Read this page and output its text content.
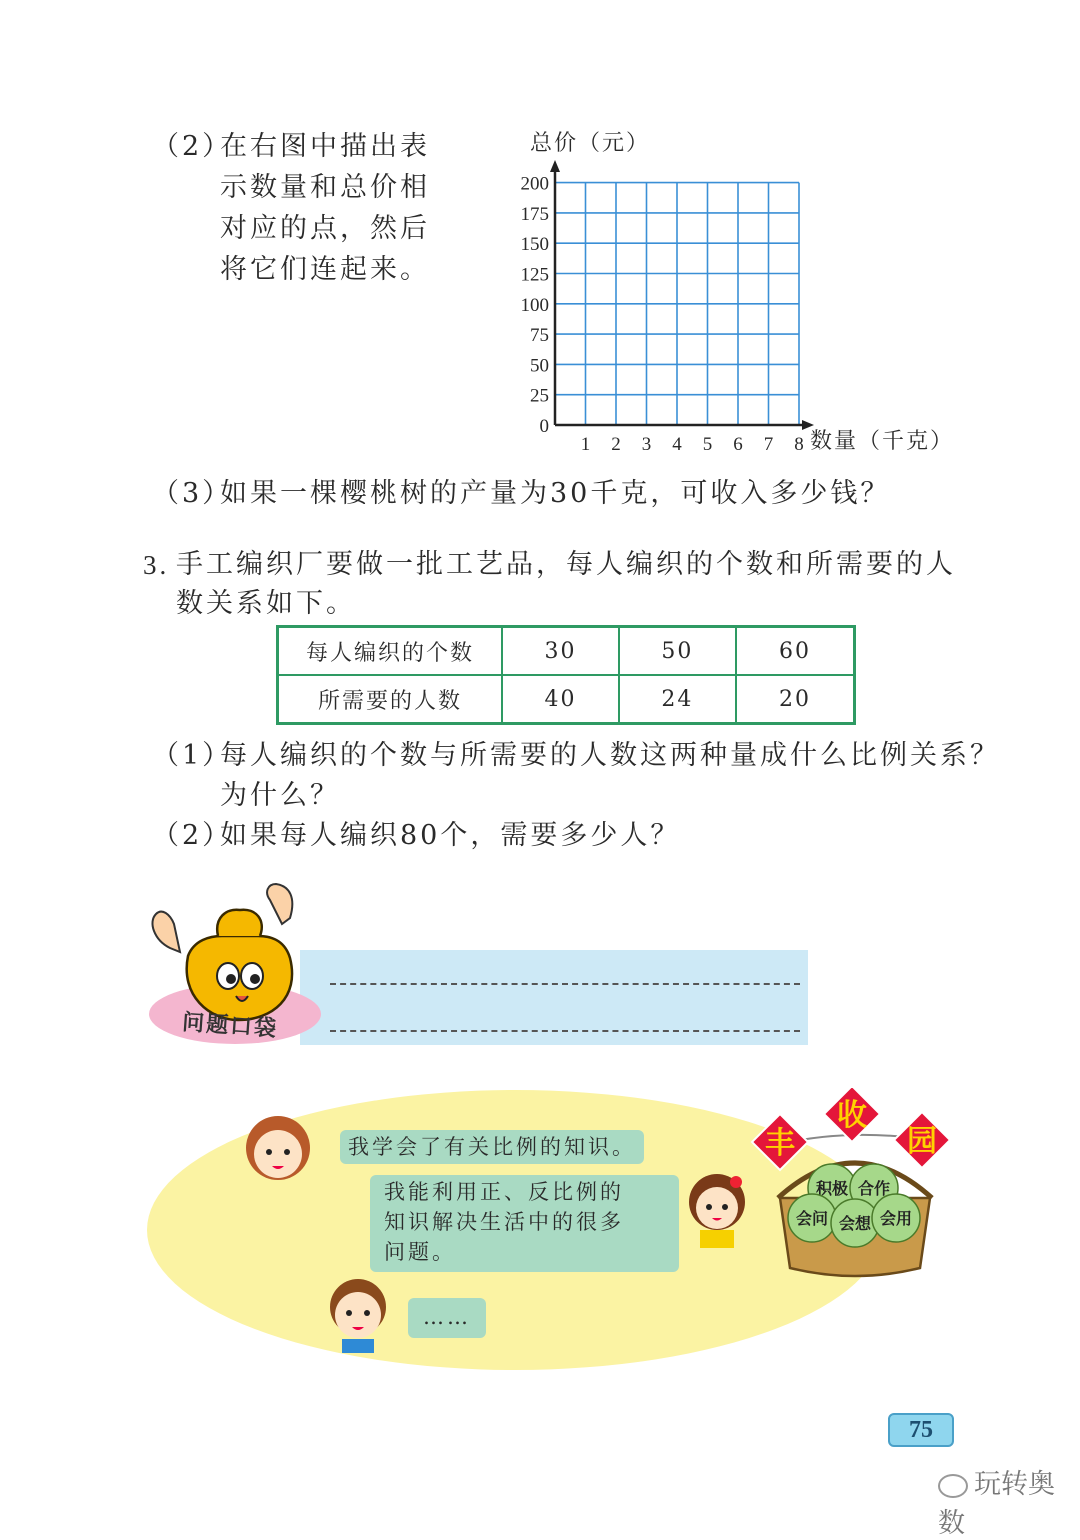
（2）
在右图中描出表
示数量和总价相
对应的点，然后
将它们连起来。
总价（元）
0
25
50
75
100
125
150
175
200
1 2 3 4 5 6 7 8 数量（千克）
（3）
如果一棵樱桃树的产量为30千克，可收入多少钱？
3. 手工编织厂要做一批工艺品，每人编织的个数和所需要的人
数关系如下。
每人编织的个数	30	50	60
所需要的人数	40	24	20
（1）
每人编织的个数与所需要的人数这两种量成什么比例关系？
为什么？
（2）
如果每人编织80个，需要多少人？
问题口袋
我学会了有关比例的知识。
我能利用正、反比例的
知识解决生活中的很多
问题。
……
积极 合作
会问 会想 会用
丰
收
园
75
玩转奥数
